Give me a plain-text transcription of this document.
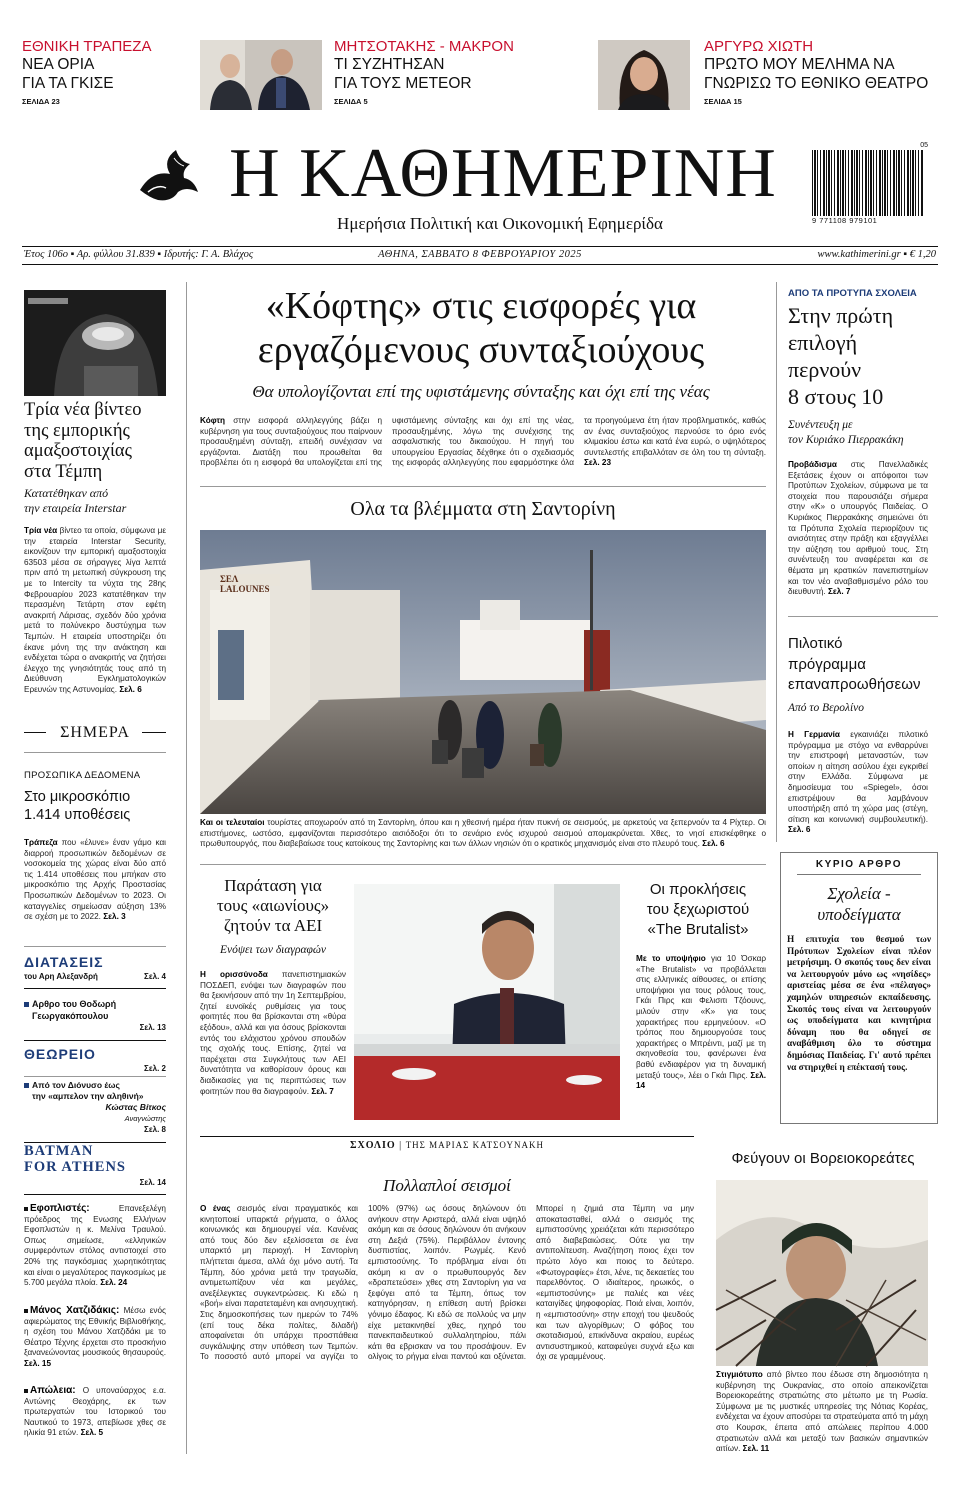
ΕΘΝΙΚΗ ΤΡΑΠΕΖΑ
ΝΕΑ ΟΡΙΑ
ΓΙΑ ΤΑ ΓΚΙΣΕ
ΣΕΛΙΔΑ 23
ΜΗΤΣΟΤΑΚΗΣ - ΜΑΚΡΟΝ
ΤΙ ΣΥΖΗΤΗΣΑΝ
ΓΙΑ ΤΟΥΣ METEOR
ΣΕΛΙΔΑ 5
ΑΡΓΥΡΩ ΧΙΩΤΗ
ΠΡΩΤΟ ΜΟΥ ΜΕΛΗΜΑ ΝΑ
ΓΝΩΡΙΣΩ ΤΟ ΕΘΝΙΚΟ ΘΕΑΤΡΟ
ΣΕΛΙΔΑ 15
Η ΚΑΘΗΜΕΡΙΝΗ
Ημερήσια Πολιτική και Οικονομική Εφημερίδα
05
9 771108 979101
Έτος 106ο ▪ Αρ. φύλλου 31.839 ▪ Ιδρυτής: Γ. Α. Βλάχος	ΑΘΗΝΑ, ΣΑΒΒΑΤΟ 8 ΦΕΒΡΟΥΑΡΙΟΥ 2025	www.kathimerini.gr ▪ € 1,20
Τρία νέα βίντεο
της εμπορικής
αμαξοστοιχίας
στα Τέμπη
Κατατέθηκαν από
την εταιρεία Interstar
Τρία νέα βίντεο τα οποία, σύμφωνα με την εταιρεία Interstar Security, εικονίζουν την εμπορική αμαξοστοιχία 63503 μέσα σε σήραγγες λίγα λεπτά πριν από τη μετωπική σύγκρουση της με το Intercity τα νύχτα της 28ης Φεβρουαρίου 2023 κατατέθηκαν την περασμένη Τετάρτη στον εφέτη ανακριτή Λάρισας, σχεδόν δύο χρόνια μετά το πολύνεκρο δυστύχημα των Τεμπών. Η εταιρεία υποστηρίζει ότι έκανε μόνη της την ανάκτηση και ενδέχεται τώρα ο ανακριτής να ζητήσει έλεγχο της γνησιότητάς τους από τη Διεύθυνση Εγκληματολογικών Ερευνών της Αστυνομίας. Σελ. 6
ΣΗΜΕΡΑ
ΠΡΟΣΩΠΙΚΑ ΔΕΔΟΜΕΝΑ
Στο μικροσκόπιο
1.414 υποθέσεις
Τράπεζα που «έλυνε» έναν γάμο και διαρροή προσωπικών δεδομένων σε νοσοκομεία της χώρας είναι δύο από τις 1.414 υποθέσεις που μπήκαν στο μικροσκόπιο της Αρχής Προστασίας Προσωπικών Δεδομένων το 2023. Οι καταγγελίες σημείωσαν αύξηση 13% σε σχέση με το 2022. Σελ. 3
ΔΙΑΤΑΣΕΙΣ
του Αρη Αλεξανδρή	Σελ. 4
Αρθρο του Θοδωρή
Γεωργακόπουλου
Σελ. 13
ΘΕΩΡΕΙΟ
Σελ. 2
Από τον Διόνυσο έως
την «αμπελον την αληθινή»
Κώστας Βίτκος
Αναγνώστης
Σελ. 8
BATMAN
FOR ATHENS
Σελ. 14
Εφοπλιστές:	Επανεξελέγη πρόεδρος της Ενωσης Ελλήνων Εφοπλιστών η κ. Μελίνα Τραυλού. Οπως σημείωσε, «ελληνικών συμφερόντων στόλος αντιστοιχεί στο 20% της παγκόσμιας χωρητικότητας και είναι ο μεγαλύτερος παγκοσμίως με 5.700 μεγάλα πλοία. Σελ. 24
Μάνος Χατζιδάκις: Μέσω ενός αφιερώματος της Εθνικής Βιβλιοθήκης, η σχέση του Μάνου Χατζιδάκι με το Θέατρο Τέχνης έρχεται στο προσκήνιο ξανανεώνοντας μουσικούς θησαυρούς. Σελ. 15
Απώλεια: Ο υποναύαρχος ε.α. Αντώνης Θεοχάρης, εκ των πρωτεργατών του Ιστορικού του Ναυτικού το 1973, απεβίωσε χθες σε ηλικία 91 ετών. Σελ. 5
«Κόφτης» στις εισφορές για
εργαζόμενους συνταξιούχους
Θα υπολογίζονται επί της υφιστάμενης σύνταξης και όχι επί της νέας
Κόφτη στην εισφορά αλληλεγγύης βάζει η κυβέρνηση για τους συνταξιούχους που παίρνουν προσαυξημένη σύνταξη, επειδή συνέχισαν να εργάζονται. Διατάξη που προωθείται θα προβλέπει ότι η εισφορά θα υπολογίζεται επί της υφιστάμενης σύνταξης και όχι επί της νέας, προσαυξημένης, λόγω της συνέχισης της ασφαλιστικής του δικαιούχου. Η πηγή του υπουργείου Εργασίας δέχθηκε ότι ο σχεδιασμός της εισφοράς αλληλεγγύης που εφαρμόστηκε όλα τα προηγούμενα έτη ήταν προβληματικός, καθώς αν ένας συνταξιούχος περνούσε το όριο ενός κλιμακίου έστω και κατά ένα ευρώ, ο υψηλότερος συντελεστής επιβαλλόταν σε όλη του τη σύνταξη. Σελ. 23
Ολα τα βλέμματα στη Σαντορίνη
ΣΕΛ LALOUNES
Και οι τελευταίοι τουρίστες αποχωρούν από τη Σαντορίνη, όπου και η χθεσινή ημέρα ήταν πυκνή σε σεισμούς, με αρκετούς να ξεπερνούν τα 4 Ρίχτερ. Οι επιστήμονες, ωστόσο, εμφανίζονται περισσότερο αισιόδοξοι ότι το σενάριο ενός ισχυρού σεισμού απομακρύνεται. Χθες, το νησί επισκέφθηκε ο πρωθυπουργός, που διαβεβαίωσε τους κατοίκους της Σαντορίνης και των άλλων νησιών ότι ο κρατικός μηχανισμός είναι στο πλευρό τους. Σελ. 6
Παράταση για
τους «αιωνίους»
ζητούν τα ΑΕΙ
Ενόψει των διαγραφών
Η ορισσύνοδα πανεπιστημιακών ΠΟΣΔΕΠ, ενόψει των διαγραφών που θα ξεκινήσουν από την 1η Σεπτεμβρίου, ζητεί ευνοϊκές ρυθμίσεις για τους φοιτητές που θα βρίσκονται στη «θύρα εξόδου», αλλά και για όσους βρίσκονται εντός του ελάχιστου χρόνου σπουδών της σχολής τους. Επίσης, ζητεί να παρέχεται στα Συγκλήτους των ΑΕΙ δυνατότητα να καθορίσουν όρους και διαδικασίες για τις περιπτώσεις των φοιτητών που θα διαγραφούν. Σελ. 7
Οι προκλήσεις
του ξεχωριστού
«The Brutalist»
Με το υποψήφιο για 10 Όσκαρ «The Brutalist» να προβάλλεται στις ελληνικές αίθουσες, οι επίσης υποψήφιοι για τους ρόλους τους, Γκάι Πιρς και Φελισιτι Τζόουνς, μιλούν στην «Κ» για τους χαρακτήρες που ερμηνεύουν. «Ο τρόπος που δημιουργούσε τους χαρακτήρες ο Μπρέιντι, μαζί με τη σκηνοθεσία του, φανέρωνει ένα βαθύ ενδιαφέρον για τη δυναμική μεταξύ τους», λέει ο Γκάι Πιρς. Σελ. 14
ΑΠΟ ΤΑ ΠΡΟΤΥΠΑ ΣΧΟΛΕΙΑ
Στην πρώτη
επιλογή
περνούν
8 στους 10
Συνέντευξη με
τον Κυριάκο Πιερρακάκη
Προβάδισμα στις Πανελλαδικές Εξετάσεις έχουν οι απόφοιτοι των Προτύπων Σχολείων, σύμφωνα με τα στοιχεία που παρουσιάζει σήμερα στην «Κ» ο υπουργός Παιδείας. Ο Κυριάκος Πιερρακάκης σημειώνει ότι τα Πρότυπα Σχολεία περιορίζουν τις ανισότητες στην πράξη και εξαγγέλλει την αύξηση του αριθμού τους. Στη συνέντευξη του αναφέρεται και σε θέματα μη κρατικών πανεπιστημίων και τον νέο αναβαθμισμένο ρόλο του διευθυντή. Σελ. 7
Πιλοτικό
πρόγραμμα
επαναπροωθήσεων
Από το Βερολίνο
Η Γερμανία εγκαινιάζει πιλοτικό πρόγραμμα με στόχο να ενθαρρύνει την επιστροφή μεταναστών, των οποίων η αίτηση ασύλου έχει εγκριθεί στην Ελλάδα. Σύμφωνα με δημοσίευμα του «Spiegel», όσοι επιστρέψουν θα λαμβάνουν υποστήριξη από τη χώρα μας (στέγη, σίτιση και κοινωνική συμβουλευτική). Σελ. 6
ΚΥΡΙΟ ΑΡΘΡΟ
Σχολεία -
υποδείγματα
Η επιτυχία του θεσμού των Πρότυπων Σχολείων είναι πλέον μετρήσιμη. Ο σκοπός τους δεν είναι να λειτουργούν μόνο ως «νησίδες» αριστείας μέσα σε ένα «πέλαγος» χαμηλών υπηρεσιών εκπαίδευσης. Σκοπός τους είναι να λειτουργούν ως υποδείγματα και κινητήρια δύναμη που θα οδηγεί σε αναβάθμιση όλο το σύστημα δημόσιας Παιδείας. Γι' αυτό πρέπει να στηριχθεί η επέκτασή τους.
ΣΧΟΛΙΟ | ΤΗΣ ΜΑΡΙΑΣ ΚΑΤΣΟΥΝΑΚΗ
Πολλαπλοί σεισμοί
Ο ένας σεισμός είναι πραγματικός και κινητοποιεί υπαρκτά ρήγματα, ο άλλος κοινωνικός και δημιουργεί νέα. Κανένας από τους δύο δεν εξελίσσεται σε ένα υπαρκτό μη περιοχή. Η Σαντορίνη πλήττεται άμεσα, αλλά όχι μόνο αυτή. Τα Τέμπη, δύο χρόνια μετά την τραγωδία, αντιμετωπίζουν νέα και μεγάλες, ανεξέλεγκτες συγκεντρώσεις. Κι εδώ η «βοή» είναι παρατεταμένη και ανησυχητική. Στις δημοσκοπήσεις των ημερών το 74% (επί τους δέκα πολίτες, διλαδή) αποφαίνεται ότι υπάρχει προσπάθεια συγκάλυψης στην υπόθεση των Τεμπών. Το ποσοστό αυτό μπορεί να αγγίζει το 100% (97%) ως όσους δηλώνουν ότι ανήκουν στην Αριστερά, αλλά είναι υψηλό ακόμη και σε όσους δηλώνουν ότι ανήκουν στη Δεξιά (75%). Περιβάλλον έντονης δυσπιστίας, λοιπόν. Ρωγμές. Κενό εμπιστοσύνης. Το πρόβλημα είναι ότι ακόμη κι αν ο πρωθυπουργός δεν «δραπετεύσει» χθες στη Σαντορίνη για να ξεφύγει από τα Τέμπη, όπως τον κατηγόρησαν, η επίθεση αυτή βρίσκει γόνιμο έδαφος. Κι εδώ σε πολλούς να μην είχε μετακινηθεί χθες, ηχηρό του πανεκπαιδευτικού συλλαλητηρίου, πάλι κάτι θα εβρισκαν να του προσάψουν. Εν ολίγοις το ρήγμα είναι παντού και οξύνεται. Μπορεί η ζημιά στα Τέμπη να μην αποκατασταθεί, αλλά ο σεισμός της εμπιστοσύνης χρειάζεται κάτι περισσότερο από διαβεβαιώσεις. Ούτε για την αντιπολίτευση. Αναζήτηση ποιος έχει τον πρώτο λόγο και ποιος το δεύτερο. «Φωτογραφίες» έτσι, λένε, τις δεκαετίες του παρελθόντος. Ο ιδιαίτερος, ηρωικός, ο «εμπιστοσύνης» με παλιές και νέες καταιγίδες ψηφοφορίας. Ποιά είναι, λοιπόν, η «εμπιστοσύνη» στην εποχή του ψευδούς και των αλγορίθμων; Ο φόβος του σκοταδισμού, επικίνδυνα ακραίου, ευρέως αντισυστημικού, καταφεύγει συχνά εξω και όχι σε γραμμένους.
Φεύγουν οι Βορειοκορεάτες
Στιγμιότυπο από βίντεο που έδωσε στη δημοσιότητα η κυβέρνηση της Ουκρανίας, στο οποίο απεικονίζεται Βορειοκορεάτης στρατιώτης στο μέτωπο με τη Ρωσία. Σύμφωνα με τις μυστικές υπηρεσίες της Νότιας Κορέας, ενδέχεται να έχουν αποσύρει τα στρατεύματα από τη μάχη στο Κουρσκ, έπειτα από απώλειες περίπου 4.000 στρατιωτών αλλά και μεταξύ των βασικών σημαντικών αιτίων. Σελ. 11
